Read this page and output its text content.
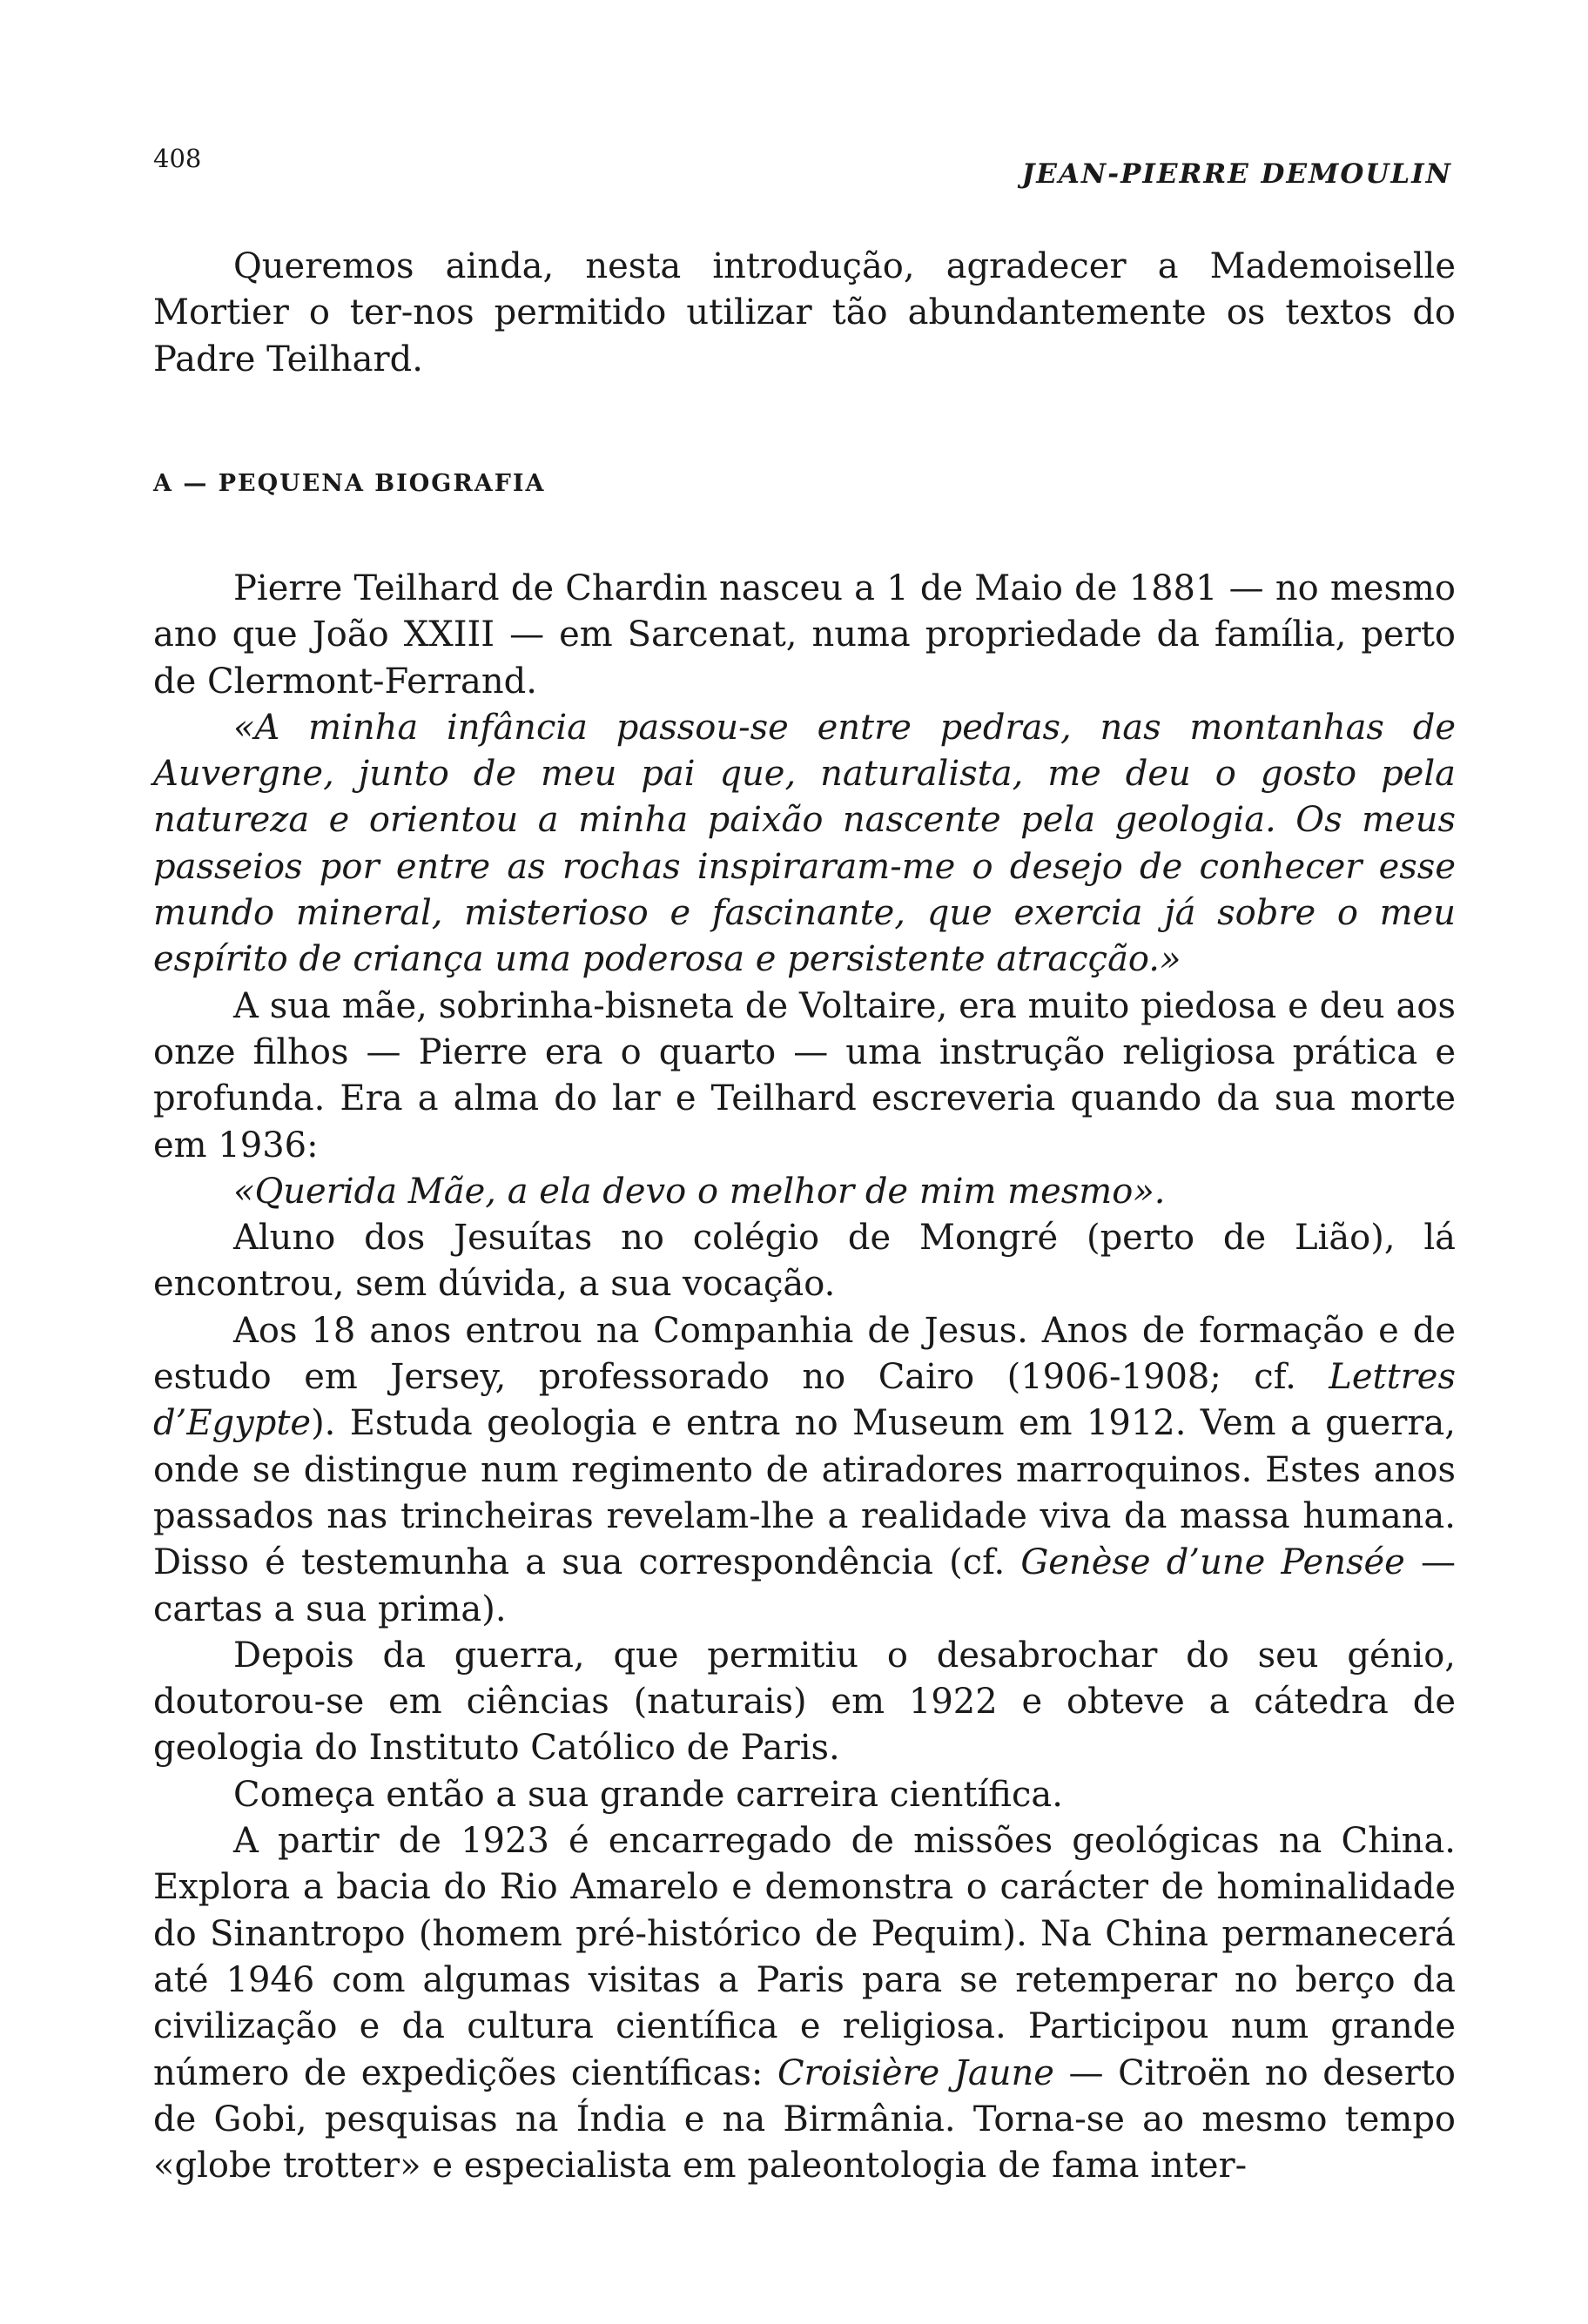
408	JEAN-PIERRE DEMOULIN

Queremos ainda, nesta introdução, agradecer a Mademoiselle Mortier o ter-nos permitido utilizar tão abundantemente os textos do Padre Teilhard.

A — PEQUENA BIOGRAFIA

Pierre Teilhard de Chardin nasceu a 1 de Maio de 1881 — no mesmo ano que João XXIII — em Sarcenat, numa propriedade da família, perto de Clermont-Ferrand.

«A minha infância passou-se entre pedras, nas montanhas de Auvergne, junto de meu pai que, naturalista, me deu o gosto pela natureza e orientou a minha paixão nascente pela geologia. Os meus passeios por entre as rochas inspiraram-me o desejo de conhecer esse mundo mineral, misterioso e fascinante, que exercia já sobre o meu espírito de criança uma poderosa e persistente atracção.»

A sua mãe, sobrinha-bisneta de Voltaire, era muito piedosa e deu aos onze filhos — Pierre era o quarto — uma instrução religiosa prática e profunda. Era a alma do lar e Teilhard escreveria quando da sua morte em 1936:

«Querida Mãe, a ela devo o melhor de mim mesmo».

Aluno dos Jesuítas no colégio de Mongré (perto de Lião), lá encontrou, sem dúvida, a sua vocação.

Aos 18 anos entrou na Companhia de Jesus. Anos de formação e de estudo em Jersey, professorado no Cairo (1906-1908; cf. Lettres d’Egypte). Estuda geologia e entra no Museum em 1912. Vem a guerra, onde se distingue num regimento de atiradores marroquinos. Estes anos passados nas trincheiras revelam-lhe a realidade viva da massa humana. Disso é testemunha a sua correspondência (cf. Genèse d’une Pensée — cartas a sua prima).

Depois da guerra, que permitiu o desabrochar do seu génio, doutorou-se em ciências (naturais) em 1922 e obteve a cátedra de geologia do Instituto Católico de Paris.

Começa então a sua grande carreira científica.

A partir de 1923 é encarregado de missões geológicas na China. Explora a bacia do Rio Amarelo e demonstra o carácter de hominalidade do Sinantropo (homem pré-histórico de Pequim). Na China permanecerá até 1946 com algumas visitas a Paris para se retemperar no berço da civilização e da cultura científica e religiosa. Participou num grande número de expedições científicas: Croisière Jaune — Citroën no deserto de Gobi, pesquisas na Índia e na Birmânia. Torna-se ao mesmo tempo «globe trotter» e especialista em paleontologia de fama inter-
